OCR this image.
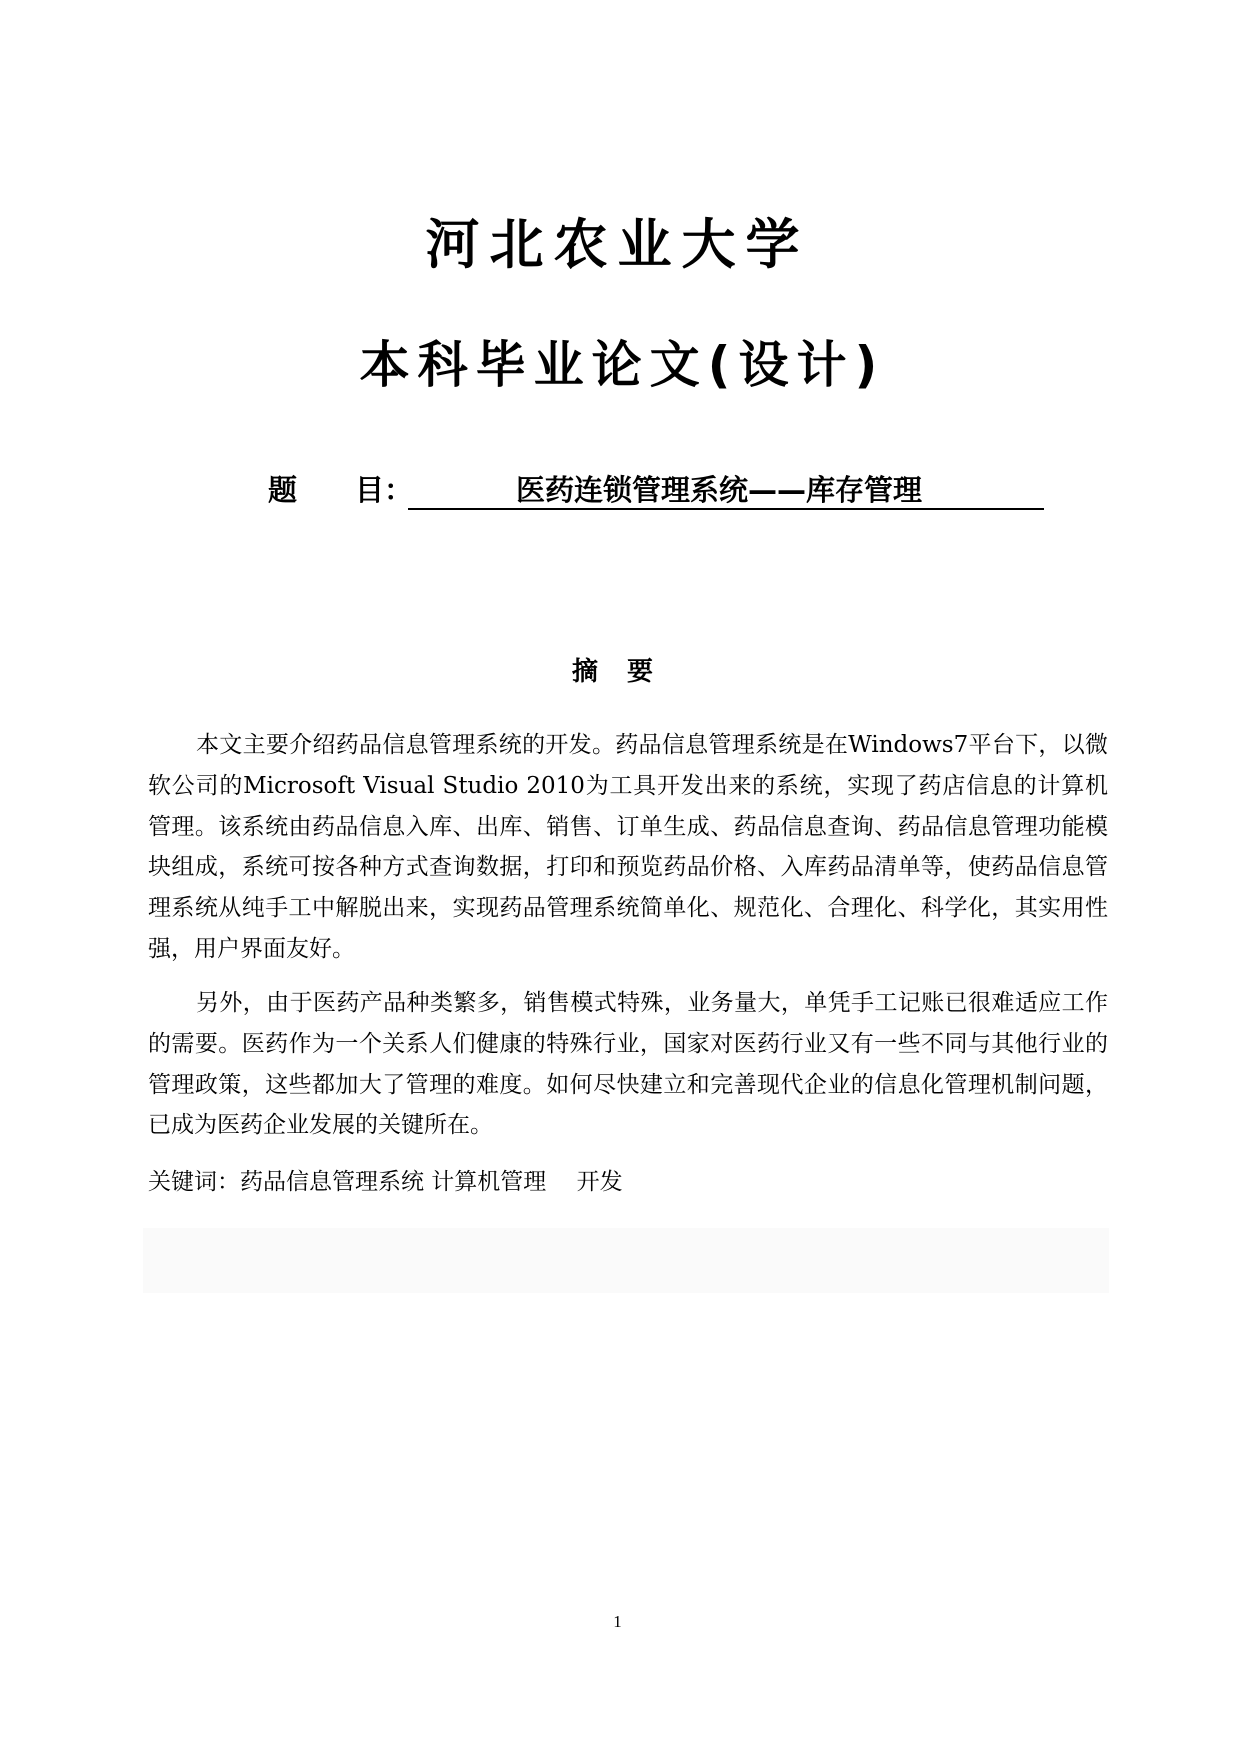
河北农业大学
本科毕业论文(设计)
题　　目：	医药连锁管理系统——库存管理
摘 要
本文主要介绍药品信息管理系统的开发。药品信息管理系统是在Windows7平台下，以微软公司的Microsoft Visual Studio 2010为工具开发出来的系统，实现了药店信息的计算机管理。该系统由药品信息入库、出库、销售、订单生成、药品信息查询、药品信息管理功能模块组成，系统可按各种方式查询数据，打印和预览药品价格、入库药品清单等，使药品信息管理系统从纯手工中解脱出来，实现药品管理系统简单化、规范化、合理化、科学化，其实用性强，用户界面友好。
另外，由于医药产品种类繁多，销售模式特殊，业务量大，单凭手工记账已很难适应工作的需要。医药作为一个关系人们健康的特殊行业，国家对医药行业又有一些不同与其他行业的管理政策，这些都加大了管理的难度。如何尽快建立和完善现代企业的信息化管理机制问题，已成为医药企业发展的关键所在。
关键词：药品信息管理系统 计算机管理　 开发
1
